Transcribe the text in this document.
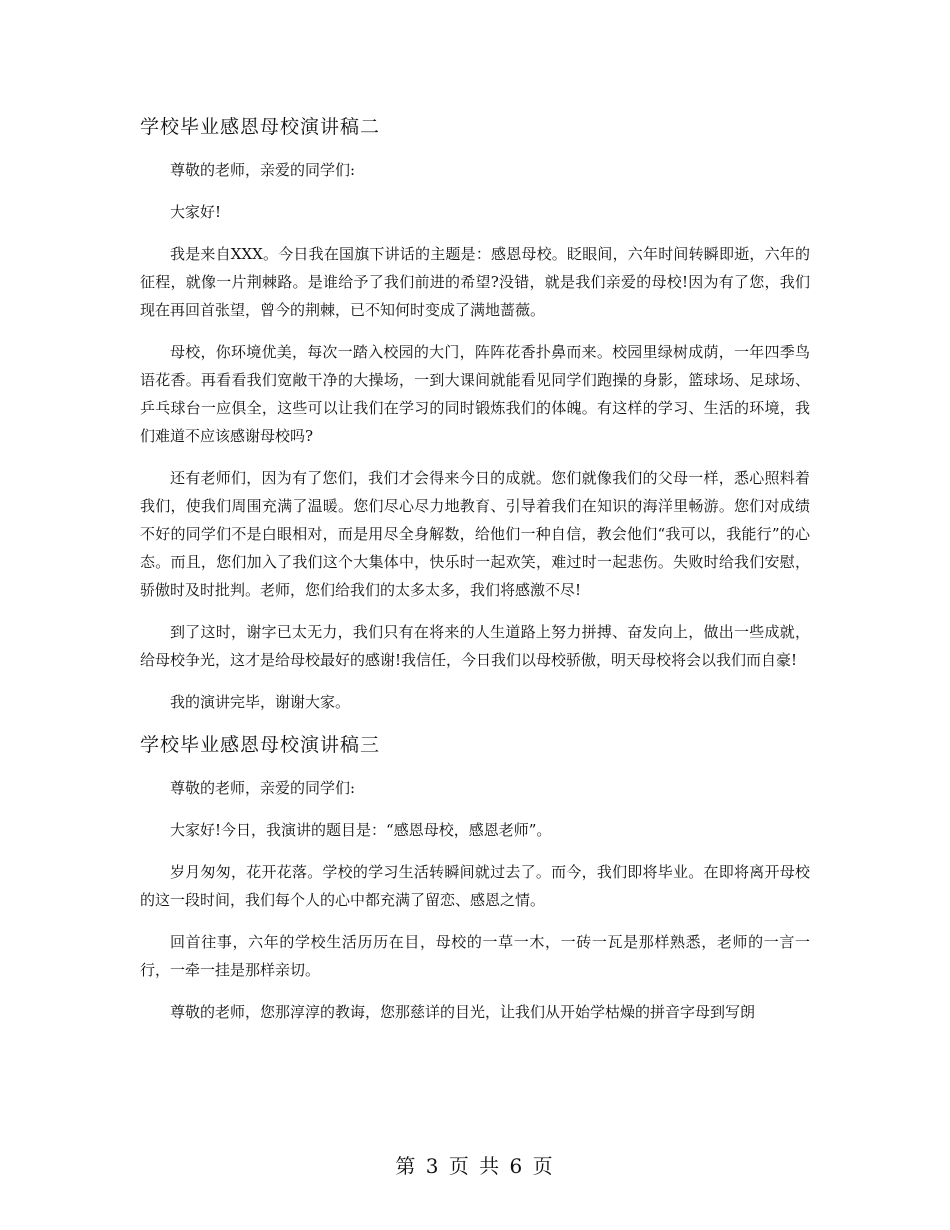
学校毕业感恩母校演讲稿二

尊敬的老师，亲爱的同学们:

大家好!

我是来自XXX。今日我在国旗下讲话的主题是：感恩母校。眨眼间，六年时间转瞬即逝，六年的征程，就像一片荆棘路。是谁给予了我们前进的希望?没错，就是我们亲爱的母校!因为有了您，我们现在再回首张望，曾今的荆棘，已不知何时变成了满地蔷薇。

母校，你环境优美，每次一踏入校园的大门，阵阵花香扑鼻而来。校园里绿树成荫，一年四季鸟语花香。再看看我们宽敞干净的大操场，一到大课间就能看见同学们跑操的身影，篮球场、足球场、乒乓球台一应俱全，这些可以让我们在学习的同时锻炼我们的体魄。有这样的学习、生活的环境，我们难道不应该感谢母校吗?

还有老师们，因为有了您们，我们才会得来今日的成就。您们就像我们的父母一样，悉心照料着我们，使我们周围充满了温暖。您们尽心尽力地教育、引导着我们在知识的海洋里畅游。您们对成绩不好的同学们不是白眼相对，而是用尽全身解数，给他们一种自信，教会他们“我可以，我能行”的心态。而且，您们加入了我们这个大集体中，快乐时一起欢笑，难过时一起悲伤。失败时给我们安慰，骄傲时及时批判。老师，您们给我们的太多太多，我们将感激不尽!

到了这时，谢字已太无力，我们只有在将来的人生道路上努力拼搏、奋发向上，做出一些成就，给母校争光，这才是给母校最好的感谢!我信任，今日我们以母校骄傲，明天母校将会以我们而自豪!

我的演讲完毕，谢谢大家。

学校毕业感恩母校演讲稿三

尊敬的老师，亲爱的同学们:

大家好!今日，我演讲的题目是：“感恩母校，感恩老师”。

岁月匆匆，花开花落。学校的学习生活转瞬间就过去了。而今，我们即将毕业。在即将离开母校的这一段时间，我们每个人的心中都充满了留恋、感恩之情。

回首往事，六年的学校生活历历在目，母校的一草一木，一砖一瓦是那样熟悉，老师的一言一行，一牵一挂是那样亲切。

尊敬的老师，您那淳淳的教诲，您那慈详的目光，让我们从开始学枯燥的拼音字母到写朗

第 3 页 共 6 页
